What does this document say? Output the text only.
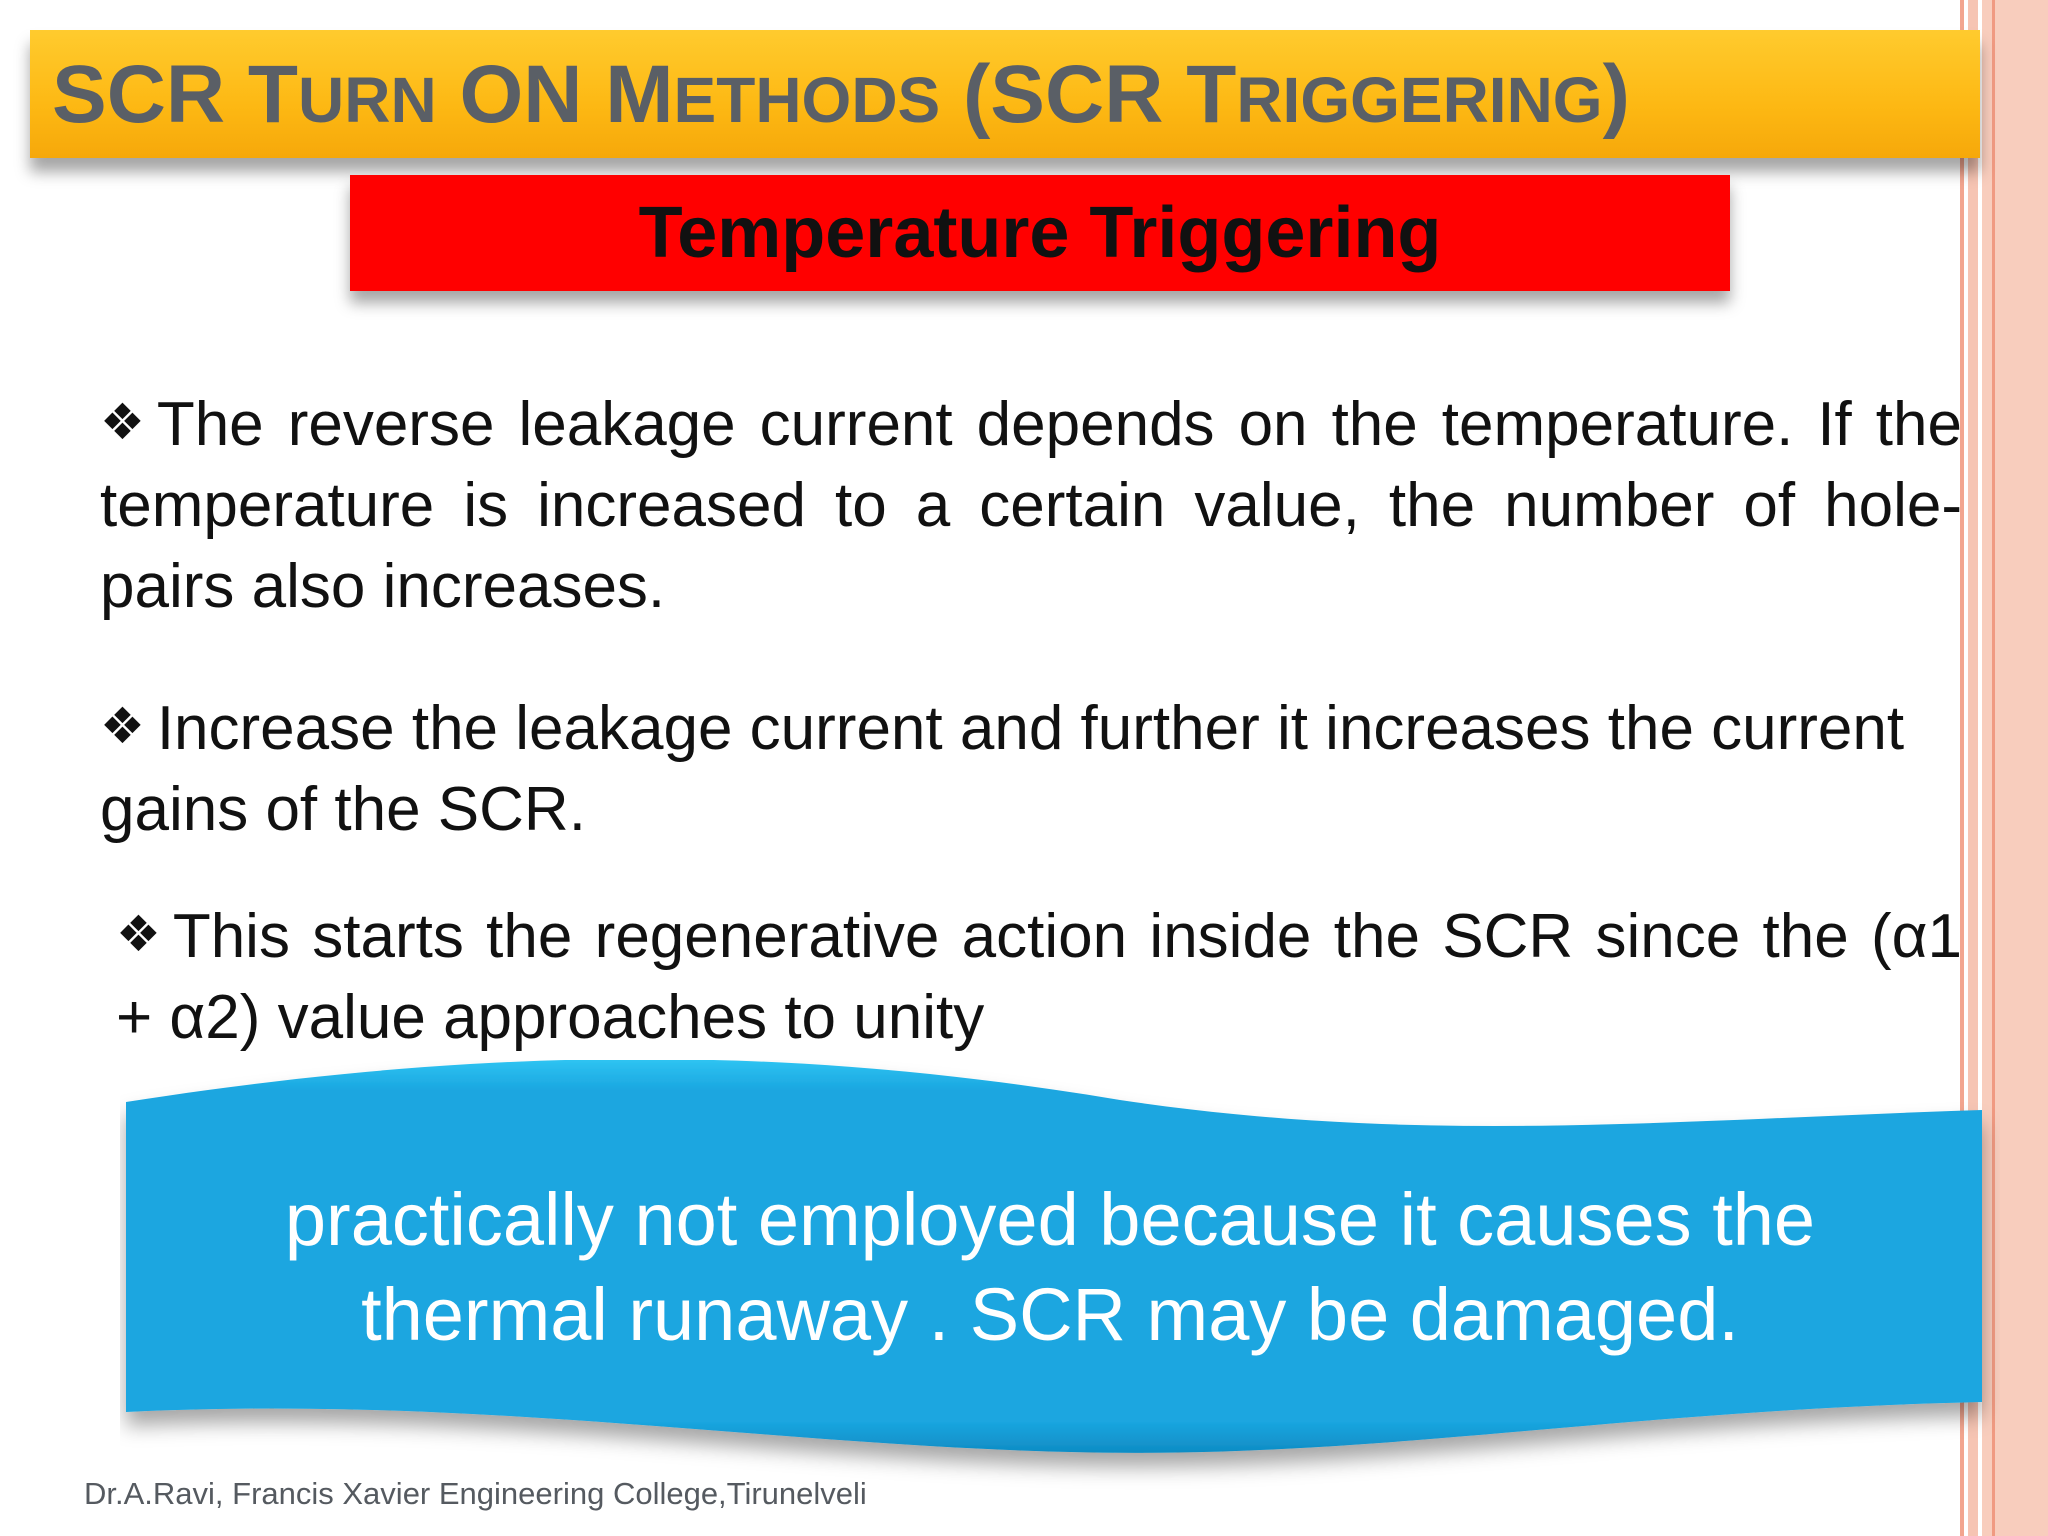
SCR TURN ON METHODS (SCR TRIGGERING)
Temperature Triggering

❖ The reverse leakage current depends on the temperature. If the temperature is increased to a certain value, the number of hole-pairs also increases.

❖ Increase the leakage current and further it increases the current gains of the SCR.

❖ This starts the regenerative action inside the SCR since the (α1 + α2) value approaches to unity

practically not employed because it causes the
thermal runaway . SCR may be damaged.

Dr.A.Ravi, Francis Xavier Engineering College,Tirunelveli
